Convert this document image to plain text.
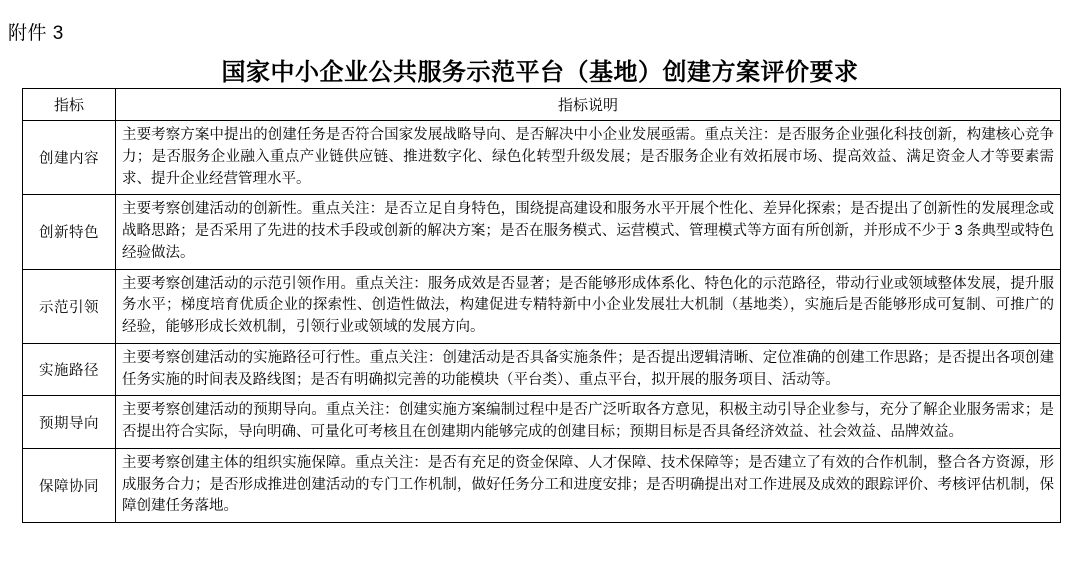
附件 3
国家中小企业公共服务示范平台（基地）创建方案评价要求
指标	指标说明
创建内容	主要考察方案中提出的创建任务是否符合国家发展战略导向、是否解决中小企业发展亟需。重点关注：是否服务企业强化科技创新，构建核心竞争力；是否服务企业融入重点产业链供应链、推进数字化、绿色化转型升级发展；是否服务企业有效拓展市场、提高效益、满足资金人才等要素需求、提升企业经营管理水平。
创新特色	主要考察创建活动的创新性。重点关注：是否立足自身特色，围绕提高建设和服务水平开展个性化、差异化探索；是否提出了创新性的发展理念或战略思路；是否采用了先进的技术手段或创新的解决方案；是否在服务模式、运营模式、管理模式等方面有所创新，并形成不少于 3 条典型或特色经验做法。
示范引领	主要考察创建活动的示范引领作用。重点关注：服务成效是否显著；是否能够形成体系化、特色化的示范路径，带动行业或领域整体发展，提升服务水平；梯度培育优质企业的探索性、创造性做法，构建促进专精特新中小企业发展壮大机制（基地类），实施后是否能够形成可复制、可推广的经验，能够形成长效机制，引领行业或领域的发展方向。
实施路径	主要考察创建活动的实施路径可行性。重点关注：创建活动是否具备实施条件；是否提出逻辑清晰、定位准确的创建工作思路；是否提出各项创建任务实施的时间表及路线图；是否有明确拟完善的功能模块（平台类）、重点平台，拟开展的服务项目、活动等。
预期导向	主要考察创建活动的预期导向。重点关注：创建实施方案编制过程中是否广泛听取各方意见，积极主动引导企业参与，充分了解企业服务需求；是否提出符合实际，导向明确、可量化可考核且在创建期内能够完成的创建目标；预期目标是否具备经济效益、社会效益、品牌效益。
保障协同	主要考察创建主体的组织实施保障。重点关注：是否有充足的资金保障、人才保障、技术保障等；是否建立了有效的合作机制，整合各方资源，形成服务合力；是否形成推进创建活动的专门工作机制，做好任务分工和进度安排；是否明确提出对工作进展及成效的跟踪评价、考核评估机制，保障创建任务落地。
